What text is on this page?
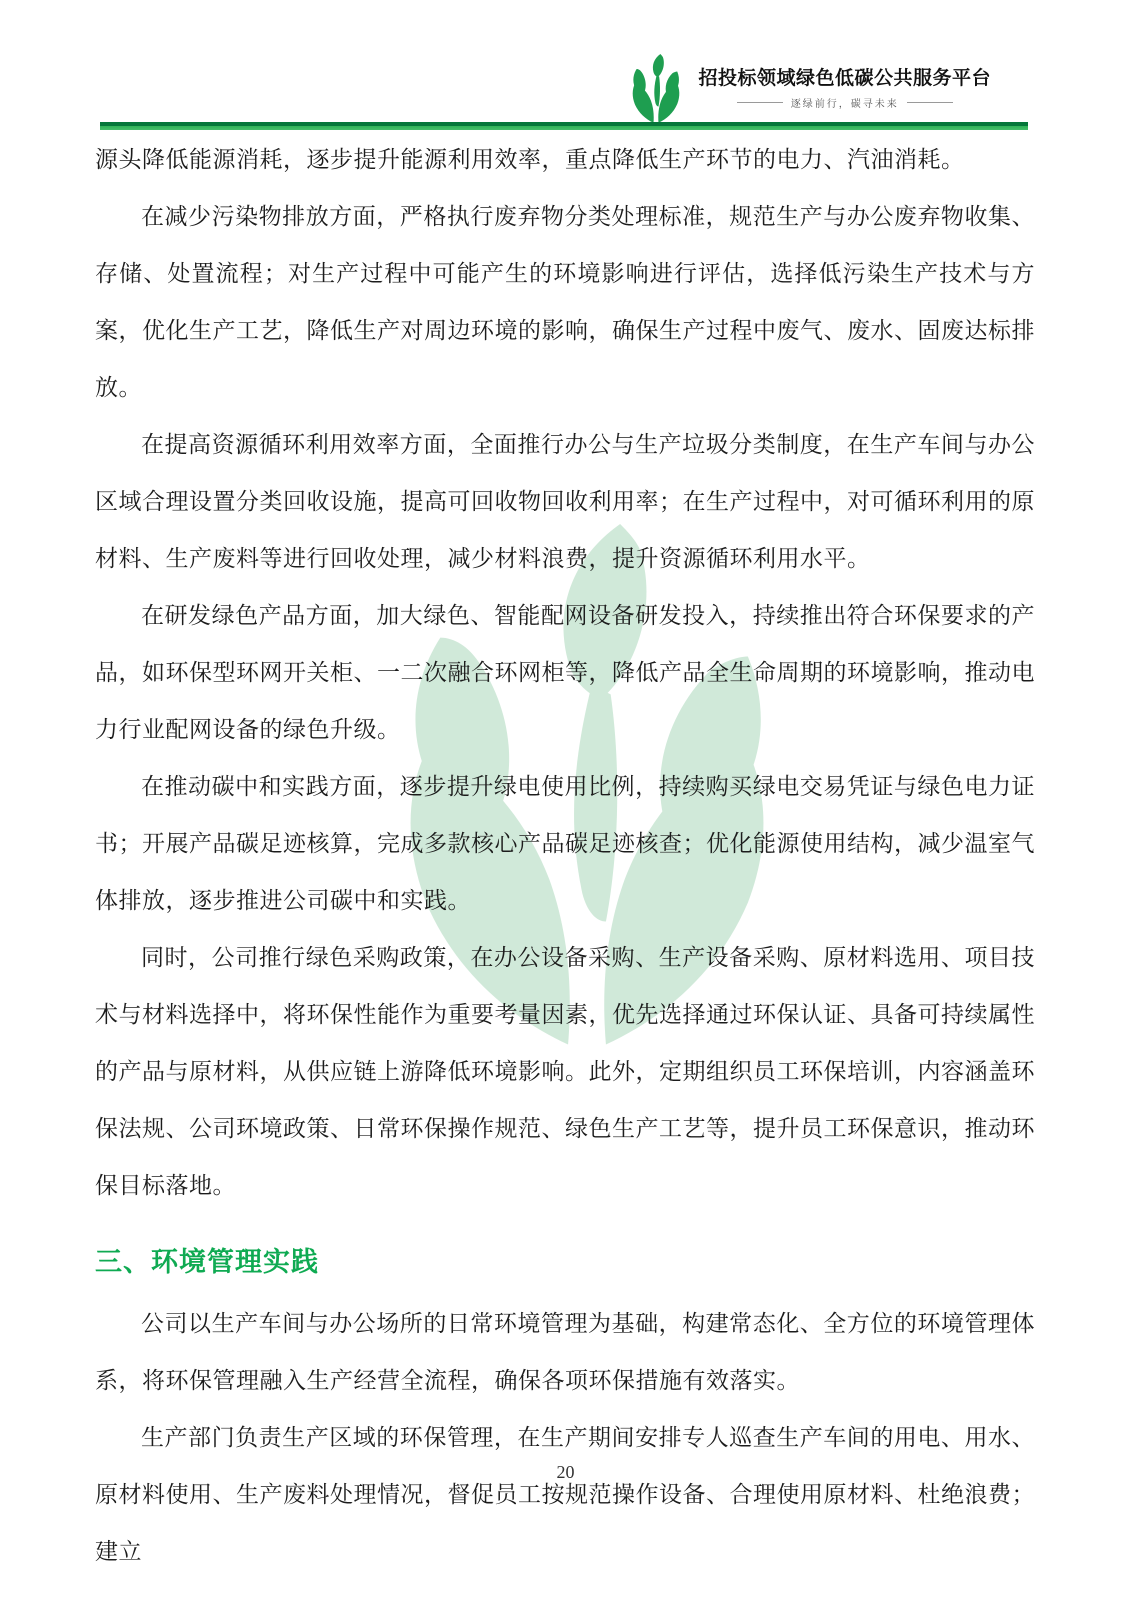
招投标领域绿色低碳公共服务平台
逐绿前行，碳寻未来

源头降低能源消耗，逐步提升能源利用效率，重点降低生产环节的电力、汽油消耗。

在减少污染物排放方面，严格执行废弃物分类处理标准，规范生产与办公废弃物收集、存储、处置流程；对生产过程中可能产生的环境影响进行评估，选择低污染生产技术与方案，优化生产工艺，降低生产对周边环境的影响，确保生产过程中废气、废水、固废达标排放。

在提高资源循环利用效率方面，全面推行办公与生产垃圾分类制度，在生产车间与办公区域合理设置分类回收设施，提高可回收物回收利用率；在生产过程中，对可循环利用的原材料、生产废料等进行回收处理，减少材料浪费，提升资源循环利用水平。

在研发绿色产品方面，加大绿色、智能配网设备研发投入，持续推出符合环保要求的产品，如环保型环网开关柜、一二次融合环网柜等，降低产品全生命周期的环境影响，推动电力行业配网设备的绿色升级。

在推动碳中和实践方面，逐步提升绿电使用比例，持续购买绿电交易凭证与绿色电力证书；开展产品碳足迹核算，完成多款核心产品碳足迹核查；优化能源使用结构，减少温室气体排放，逐步推进公司碳中和实践。

同时，公司推行绿色采购政策，在办公设备采购、生产设备采购、原材料选用、项目技术与材料选择中，将环保性能作为重要考量因素，优先选择通过环保认证、具备可持续属性的产品与原材料，从供应链上游降低环境影响。此外，定期组织员工环保培训，内容涵盖环保法规、公司环境政策、日常环保操作规范、绿色生产工艺等，提升员工环保意识，推动环保目标落地。

三、环境管理实践

公司以生产车间与办公场所的日常环境管理为基础，构建常态化、全方位的环境管理体系，将环保管理融入生产经营全流程，确保各项环保措施有效落实。

生产部门负责生产区域的环保管理，在生产期间安排专人巡查生产车间的用电、用水、原材料使用、生产废料处理情况，督促员工按规范操作设备、合理使用原材料、杜绝浪费；建立

20
